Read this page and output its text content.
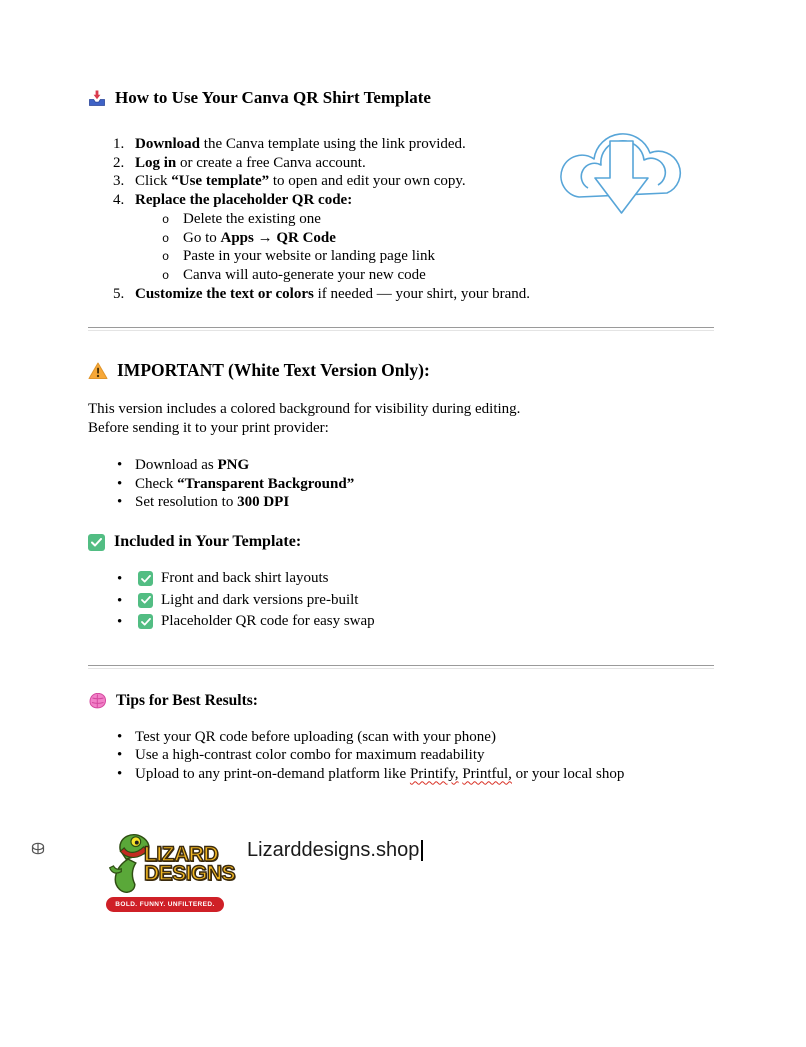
How to Use Your Canva QR Shirt Template
1. Download the Canva template using the link provided.

2. Log in or create a free Canva account.

3. Click “Use template” to open and edit your own copy.

4. Replace the placeholder QR code:

o Delete the existing one

o Go to Apps → QR Code

o Paste in your website or landing page link

o Canva will auto-generate your new code

5. Customize the text or colors if needed — your shirt, your brand.

IMPORTANT (White Text Version Only):

This version includes a colored background for visibility during editing.

Before sending it to your print provider:

• Download as PNG

• Check “Transparent Background”

• Set resolution to 300 DPI

Included in Your Template:

• Front and back shirt layouts

• Light and dark versions pre-built

• Placeholder QR code for easy swap

Tips for Best Results:

• Test your QR code before uploading (scan with your phone)

• Use a high-contrast color combo for maximum readability

• Upload to any print-on-demand platform like Printify, Printful, or your local shop

LIZARD
DESIGNS
BOLD. FUNNY. UNFILTERED.
Lizarddesigns.shop
